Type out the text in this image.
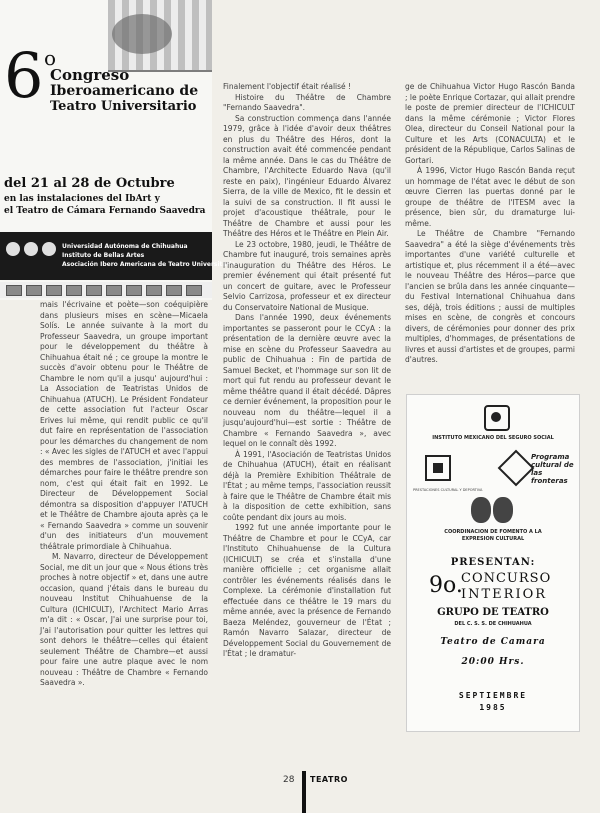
6 o
Congreso
Iberoamericano de
Teatro Universitario
del 21 al 28 de Octubre
en las instalaciones del IbArt y
el Teatro de Cámara Fernando Saavedra
Universidad Autónoma de Chihuahua
Instituto de Bellas Artes
Asociación Ibero Americana de Teatro Universitario

mais l'écrivaine et poète—son coéquipière dans plusieurs mises en scène—Micaela Solís. Le année suivante à la mort du Professeur Saavedra, un groupe important pour le développement du théâtre à Chihuahua était né ; ce groupe la montre le succès d'avoir obtenu pour le Théâtre de Chambre le nom qu'il a jusqu' aujourd'hui : La Association de Teatristas Unidos de Chihuahua (ATUCH). Le Président Fondateur de cette association fut l'acteur Oscar Erives lui même, qui rendit public ce qu'il dut faire en représentation de l'association pour les démarches du changement de nom : « Avec les sigles de l'ATUCH et avec l'appui des membres de l'association, j'initiai les démarches pour faire le théâtre prendre son nom, c'est qui était fait en 1992. Le Directeur de Développement Social démontra sa disposition d'appuyer l'ATUCH et le Théâtre de Chambre ajouta après ça le « Fernando Saavedra » comme un souvenir d'un des initiateurs d'un mouvement théâtrale primordiale à Chihuahua.

M. Navarro, directeur de Développement Social, me dit un jour que « Nous étions très proches à notre objectif » et, dans une autre occasion, quand j'étais dans le bureau du nouveau Institut Chihuahuense de la Cultura (ICHICULT), l'Architect Mario Arras m'a dit : « Oscar, J'ai une surprise pour toi, J'ai l'autorisation pour quitter les lettres qui sont dehors le théâtre—celles qui étaient seulement Théâtre de Chambre—et aussi pour faire une autre plaque avec le nom nouveau : Théâtre de Chambre « Fernando Saavedra ».

Finalement l'objectif était réalisé !

Histoire du Théâtre de Chambre "Fernando Saavedra".

Sa construction commença dans l'année 1979, grâce à l'idée d'avoir deux théâtres en plus du Théâtre des Héros, dont la construction avait été commencée pendant la même année. Dans le cas du Théâtre de Chambre, l'Architecte Eduardo Nava (qu'il reste en paix), l'ingénieur Eduardo Álvarez Sierra, de la ville de Mexico, fit le dessin et la suivi de sa construction. Il fit aussi le projet d'acoustique théâtrale, pour le Théâtre de Chambre et aussi pour les Théâtre des Héros et le Théâtre en Plein Air.

Le 23 octobre, 1980, jeudi, le Théâtre de Chambre fut inauguré, trois semaines après l'inauguration du Théâtre des Héros. Le premier événement qui était présenté fut un concert de guitare, avec le Professeur Selvio Carrizosa, professeur et ex directeur du Conservatoire National de Musique.

Dans l'année 1990, deux événements importantes se passeront pour le CCyA : la présentation de la dernière œuvre avec la mise en scène du Professeur Saavedra au public de Chihuahua : Fin de partida de Samuel Becket, et l'hommage sur son lit de mort qui fut rendu au professeur devant le même théâtre quand il était décédé. Dâpres ce dernier événement, la proposition pour le nouveau nom du théâtre—lequel il a jusqu'aujourd'hui—est sortie : Théâtre de Chambre « Fernando Saavedra », avec lequel on le connaît dès 1992.

À 1991, l'Asociación de Teatristas Unidos de Chihuahua (ATUCH), était en réalisant déjà la Première Exhibition Théâtrale de l'État ; au même temps, l'association reussit à faire que le Théâtre de Chambre était mis à la disposition de cette exhibition, sans coûte pendant dix jours au mois.

1992 fut une année importante pour le Théâtre de Chambre et pour le CCyA, car l'Instituto Chihuahuense de la Cultura (ICHICULT) se créa et s'installa d'une manière officielle ; cet organisme allait contrôler les événements réalisés dans le Complexe. La cérémonie d'installation fut effectuée dans ce théâtre le 19 mars du même année, avec la présence de Fernando Baeza Meléndez, gouverneur de l'État ; Ramón Navarro Salazar, directeur de Développement Social du Gouvernement de l'État ; le dramatur-

ge de Chihuahua Victor Hugo Rascón Banda ; le poète Enrique Cortazar, qui allait prendre le poste de premier directeur de l'ICHICULT dans la même cérémonie ; Victor Flores Olea, directeur du Conseil National pour la Culture et les Arts (CONACULTA) et le président de la République, Carlos Salinas de Gortari.

À 1996, Victor Hugo Rascón Banda reçut un hommage de l'état avec le début de son œuvre Cierren las puertas donné par le groupe de théâtre de l'ITESM avec la présence, bien sûr, du dramaturge lui-même.

Le Théâtre de Chambre "Fernando Saavedra" a été la siège d'événements très importantes d'une variété culturelle et artistique et, plus récemment il a été—avec le nouveau Théâtre des Héros—parce que l'ancien se brûla dans les année cinquante—du Festival International Chihuahua dans ses, déjà, trois éditions ; aussi de multiples mises en scène, de congrès et concours divers, de cérémonies pour donner des prix multiples, d'hommages, de présentations de livres et aussi d'artistes et de groupes, parmi d'autres.

INSTITUTO MEXICANO DEL SEGURO SOCIAL
PRESTACIONES CULTURAL Y DEPORTIVA
Programa cultural de las fronteras
COORDINACION DE FOMENTO A LA
EXPRESION CULTURAL
PRESENTAN:
9o.
CONCURSO
INTERIOR
GRUPO DE TEATRO
DEL C. S. S. DE CHIHUAHUA
Teatro de Camara
20:00 Hrs.
SEPTIEMBRE
1985
28 TEATRO
